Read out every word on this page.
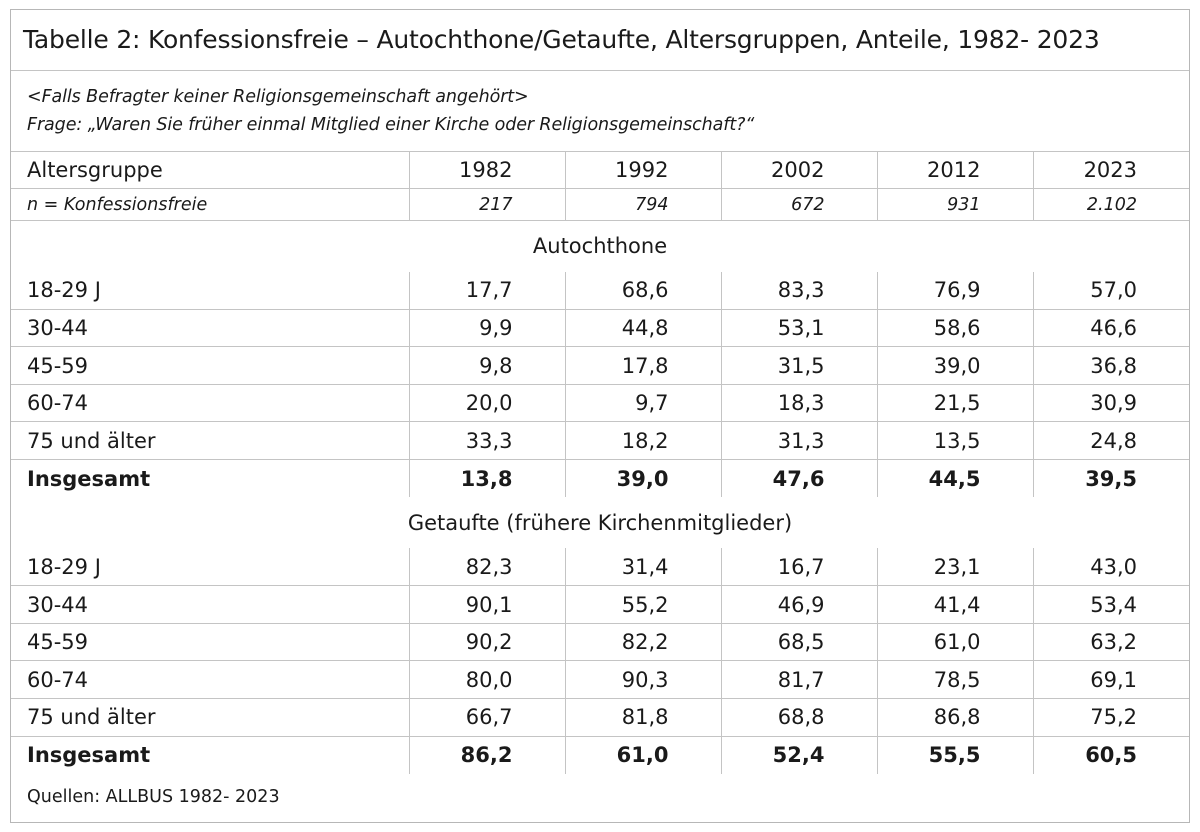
Tabelle 2: Konfessionsfreie – Autochthone/Getaufte, Altersgruppen, Anteile, 1982- 2023					

<Falls Befragter keiner Religionsgemeinschaft angehört>
Frage: „Waren Sie früher einmal Mitglied einer Kirche oder Religionsgemeinschaft?“					

Altersgruppe	1982	1992	2002	2012	2023
n = Konfessionsfreie	217	794	672	931	2.102
Autochthone					
18-29 J	17,7	68,6	83,3	76,9	57,0
30-44	9,9	44,8	53,1	58,6	46,6
45-59	9,8	17,8	31,5	39,0	36,8
60-74	20,0	9,7	18,3	21,5	30,9
75 und älter	33,3	18,2	31,3	13,5	24,8
Insgesamt	13,8	39,0	47,6	44,5	39,5
Getaufte (frühere Kirchenmitglieder)					
18-29 J	82,3	31,4	16,7	23,1	43,0
30-44	90,1	55,2	46,9	41,4	53,4
45-59	90,2	82,2	68,5	61,0	63,2
60-74	80,0	90,3	81,7	78,5	69,1
75 und älter	66,7	81,8	68,8	86,8	75,2
Insgesamt	86,2	61,0	52,4	55,5	60,5
Quellen: ALLBUS 1982- 2023					
